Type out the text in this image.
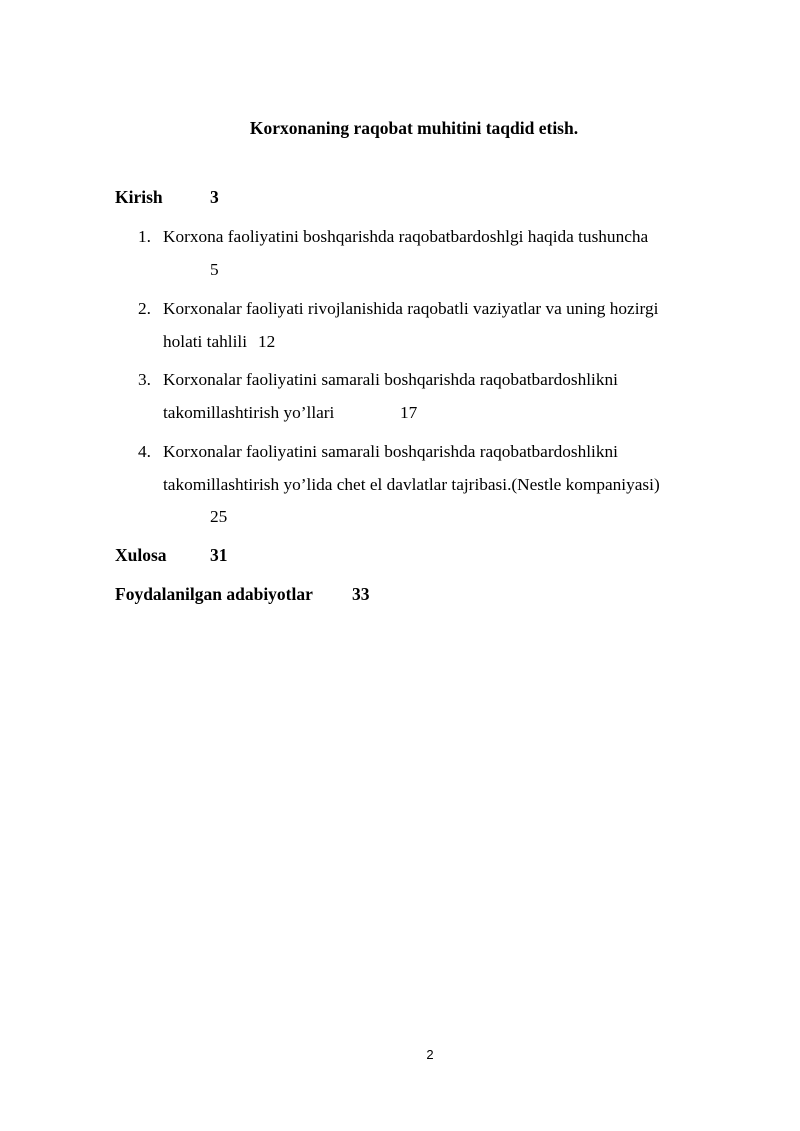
Korxonaning raqobat muhitini taqdid etish.
Kirish	3
1. Korxona faoliyatini boshqarishda raqobatbardoshlgi haqida tushuncha
5
2. Korxonalar faoliyati rivojlanishida raqobatli vaziyatlar va uning hozirgi
holati tahlili 12
3. Korxonalar faoliyatini samarali boshqarishda raqobatbardoshlikni
takomillashtirish yo’llari	17
4. Korxonalar faoliyatini samarali boshqarishda raqobatbardoshlikni
takomillashtirish yo’lida chet el davlatlar tajribasi.(Nestle kompaniyasi)
25
Xulosa 31
Foydalanilgan adabiyotlar 33
2
